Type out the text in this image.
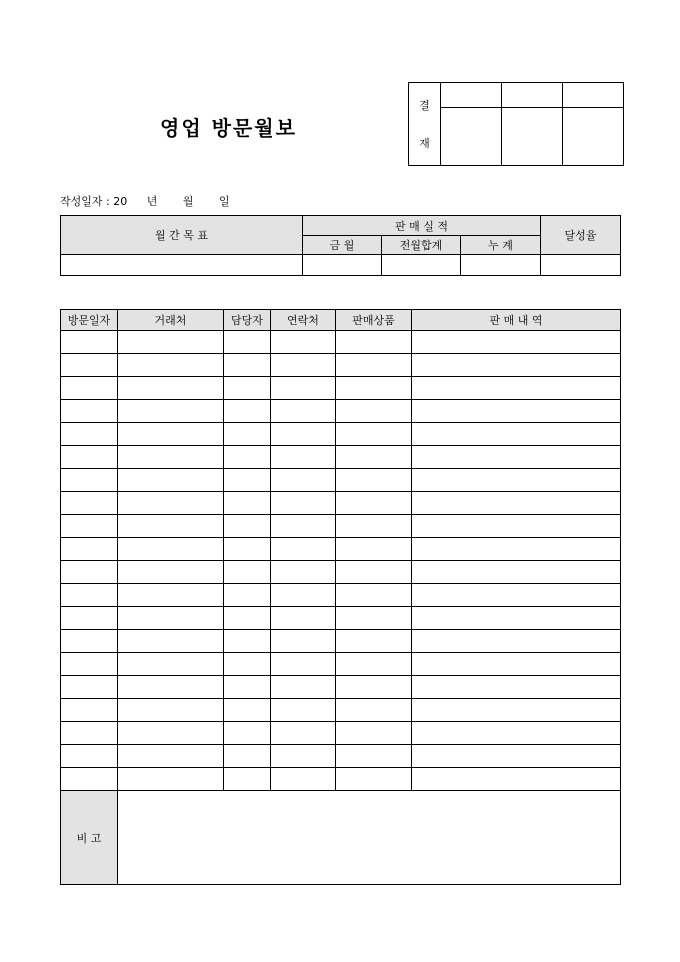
영업 방문월보
결
재			

작성일자 : 20 년 월 일
월 간 목 표	판 매 실 적			달성율
	금 월	전월합계	누 계	

방문일자	거래처	담당자	연락처	판매상품	판 매 내 역

비 고					
